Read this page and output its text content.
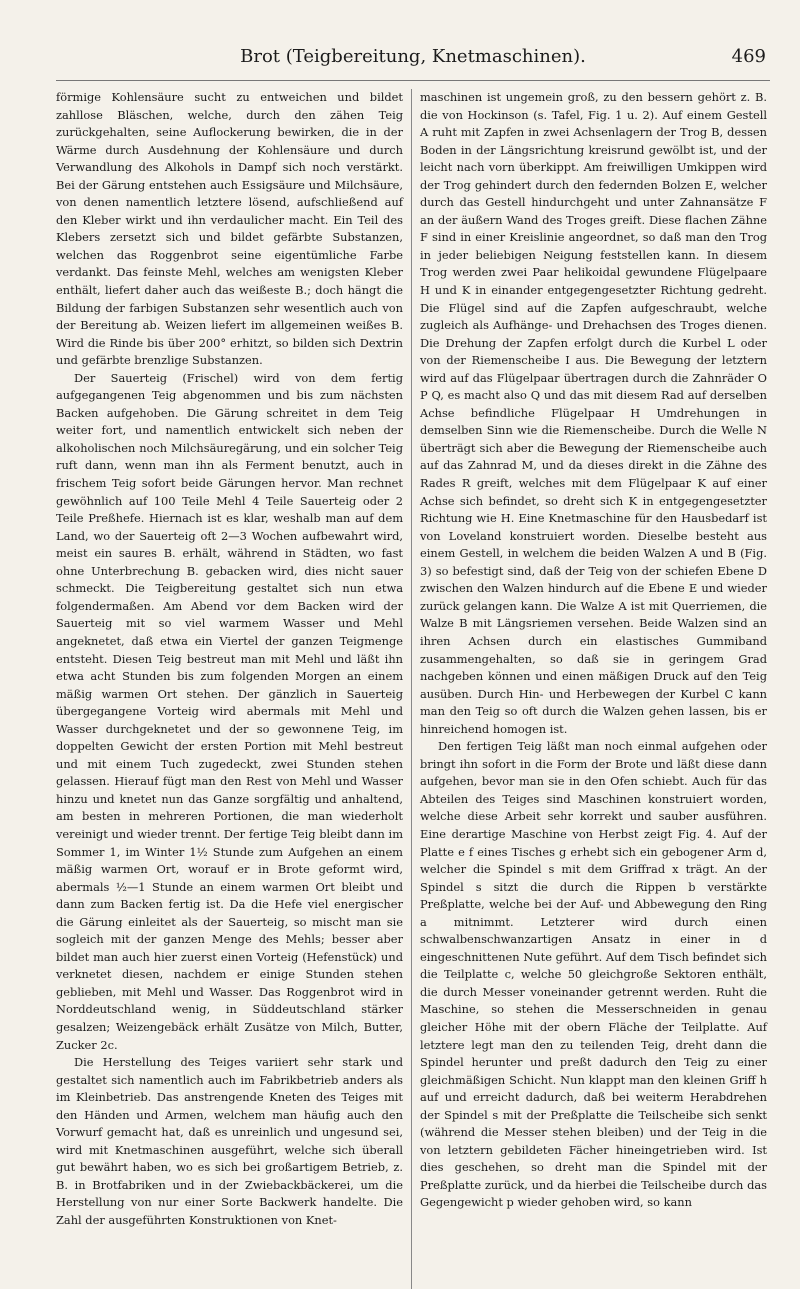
Brot (Teigbereitung, Knetmaschinen).	469

förmige Kohlensäure sucht zu entweichen und bildet zahllose Bläschen, welche, durch den zähen Teig zurückgehalten, seine Auflockerung bewirken, die in der Wärme durch Ausdehnung der Kohlensäure und durch Verwandlung des Alkohols in Dampf sich noch verstärkt. Bei der Gärung entstehen auch Essigsäure und Milchsäure, von denen namentlich letztere lösend, aufschließend auf den Kleber wirkt und ihn verdaulicher macht. Ein Teil des Klebers zersetzt sich und bildet gefärbte Substanzen, welchen das Roggenbrot seine eigentümliche Farbe verdankt. Das feinste Mehl, welches am wenigsten Kleber enthält, liefert daher auch das weißeste B.; doch hängt die Bildung der farbigen Substanzen sehr wesentlich auch von der Bereitung ab. Weizen liefert im allgemeinen weißes B. Wird die Rinde bis über 200° erhitzt, so bilden sich Dextrin und gefärbte brenzlige Substanzen.

Der Sauerteig (Frischel) wird von dem fertig aufgegangenen Teig abgenommen und bis zum nächsten Backen aufgehoben. Die Gärung schreitet in dem Teig weiter fort, und namentlich entwickelt sich neben der alkoholischen noch Milchsäuregärung, und ein solcher Teig ruft dann, wenn man ihn als Ferment benutzt, auch in frischem Teig sofort beide Gärungen hervor. Man rechnet gewöhnlich auf 100 Teile Mehl 4 Teile Sauerteig oder 2 Teile Preßhefe. Hiernach ist es klar, weshalb man auf dem Land, wo der Sauerteig oft 2—3 Wochen aufbewahrt wird, meist ein saures B. erhält, während in Städten, wo fast ohne Unterbrechung B. gebacken wird, dies nicht sauer schmeckt. Die Teigbereitung gestaltet sich nun etwa folgendermaßen. Am Abend vor dem Backen wird der Sauerteig mit so viel warmem Wasser und Mehl angeknetet, daß etwa ein Viertel der ganzen Teigmenge entsteht. Diesen Teig bestreut man mit Mehl und läßt ihn etwa acht Stunden bis zum folgenden Morgen an einem mäßig warmen Ort stehen. Der gänzlich in Sauerteig übergegangene Vorteig wird abermals mit Mehl und Wasser durchgeknetet und der so gewonnene Teig, im doppelten Gewicht der ersten Portion mit Mehl bestreut und mit einem Tuch zugedeckt, zwei Stunden stehen gelassen. Hierauf fügt man den Rest von Mehl und Wasser hinzu und knetet nun das Ganze sorgfältig und anhaltend, am besten in mehreren Portionen, die man wiederholt vereinigt und wieder trennt. Der fertige Teig bleibt dann im Sommer 1, im Winter 1½ Stunde zum Aufgehen an einem mäßig warmen Ort, worauf er in Brote geformt wird, abermals ½—1 Stunde an einem warmen Ort bleibt und dann zum Backen fertig ist. Da die Hefe viel energischer die Gärung einleitet als der Sauerteig, so mischt man sie sogleich mit der ganzen Menge des Mehls; besser aber bildet man auch hier zuerst einen Vorteig (Hefenstück) und verknetet diesen, nachdem er einige Stunden stehen geblieben, mit Mehl und Wasser. Das Roggenbrot wird in Norddeutschland wenig, in Süddeutschland stärker gesalzen; Weizengebäck erhält Zusätze von Milch, Butter, Zucker 2c.

Die Herstellung des Teiges variiert sehr stark und gestaltet sich namentlich auch im Fabrikbetrieb anders als im Kleinbetrieb. Das anstrengende Kneten des Teiges mit den Händen und Armen, welchem man häufig auch den Vorwurf gemacht hat, daß es unreinlich und ungesund sei, wird mit Knetmaschinen ausgeführt, welche sich überall gut bewährt haben, wo es sich bei großartigem Betrieb, z. B. in Brotfabriken und in der Zwiebackbäckerei, um die Herstellung von nur einer Sorte Backwerk handelte. Die Zahl der ausgeführten Konstruktionen von Knet-

maschinen ist ungemein groß, zu den bessern gehört z. B. die von Hockinson (s. Tafel, Fig. 1 u. 2). Auf einem Gestell A ruht mit Zapfen in zwei Achsenlagern der Trog B, dessen Boden in der Längsrichtung kreisrund gewölbt ist, und der leicht nach vorn überkippt. Am freiwilligen Umkippen wird der Trog gehindert durch den federnden Bolzen E, welcher durch das Gestell hindurchgeht und unter Zahnansätze F an der äußern Wand des Troges greift. Diese flachen Zähne F sind in einer Kreislinie angeordnet, so daß man den Trog in jeder beliebigen Neigung feststellen kann. In diesem Trog werden zwei Paar helikoidal gewundene Flügelpaare H und K in einander entgegengesetzter Richtung gedreht. Die Flügel sind auf die Zapfen aufgeschraubt, welche zugleich als Aufhänge- und Drehachsen des Troges dienen. Die Drehung der Zapfen erfolgt durch die Kurbel L oder von der Riemenscheibe I aus. Die Bewegung der letztern wird auf das Flügelpaar übertragen durch die Zahnräder O P Q, es macht also Q und das mit diesem Rad auf derselben Achse befindliche Flügelpaar H Umdrehungen in demselben Sinn wie die Riemenscheibe. Durch die Welle N überträgt sich aber die Bewegung der Riemenscheibe auch auf das Zahnrad M, und da dieses direkt in die Zähne des Rades R greift, welches mit dem Flügelpaar K auf einer Achse sich befindet, so dreht sich K in entgegengesetzter Richtung wie H. Eine Knetmaschine für den Hausbedarf ist von Loveland konstruiert worden. Dieselbe besteht aus einem Gestell, in welchem die beiden Walzen A und B (Fig. 3) so befestigt sind, daß der Teig von der schiefen Ebene D zwischen den Walzen hindurch auf die Ebene E und wieder zurück gelangen kann. Die Walze A ist mit Querriemen, die Walze B mit Längsriemen versehen. Beide Walzen sind an ihren Achsen durch ein elastisches Gummiband zusammengehalten, so daß sie in geringem Grad nachgeben können und einen mäßigen Druck auf den Teig ausüben. Durch Hin- und Herbewegen der Kurbel C kann man den Teig so oft durch die Walzen gehen lassen, bis er hinreichend homogen ist.

Den fertigen Teig läßt man noch einmal aufgehen oder bringt ihn sofort in die Form der Brote und läßt diese dann aufgehen, bevor man sie in den Ofen schiebt. Auch für das Abteilen des Teiges sind Maschinen konstruiert worden, welche diese Arbeit sehr korrekt und sauber ausführen. Eine derartige Maschine von Herbst zeigt Fig. 4. Auf der Platte e f eines Tisches g erhebt sich ein gebogener Arm d, welcher die Spindel s mit dem Griffrad x trägt. An der Spindel s sitzt die durch die Rippen b verstärkte Preßplatte, welche bei der Auf- und Abbewegung den Ring a mitnimmt. Letzterer wird durch einen schwalbenschwanzartigen Ansatz in einer in d eingeschnittenen Nute geführt. Auf dem Tisch befindet sich die Teilplatte c, welche 50 gleichgroße Sektoren enthält, die durch Messer voneinander getrennt werden. Ruht die Maschine, so stehen die Messerschneiden in genau gleicher Höhe mit der obern Fläche der Teilplatte. Auf letztere legt man den zu teilenden Teig, dreht dann die Spindel herunter und preßt dadurch den Teig zu einer gleichmäßigen Schicht. Nun klappt man den kleinen Griff h auf und erreicht dadurch, daß bei weiterm Herabdrehen der Spindel s mit der Preßplatte die Teilscheibe sich senkt (während die Messer stehen bleiben) und der Teig in die von letztern gebildeten Fächer hineingetrieben wird. Ist dies geschehen, so dreht man die Spindel mit der Preßplatte zurück, und da hierbei die Teilscheibe durch das Gegengewicht p wieder gehoben wird, so kann
